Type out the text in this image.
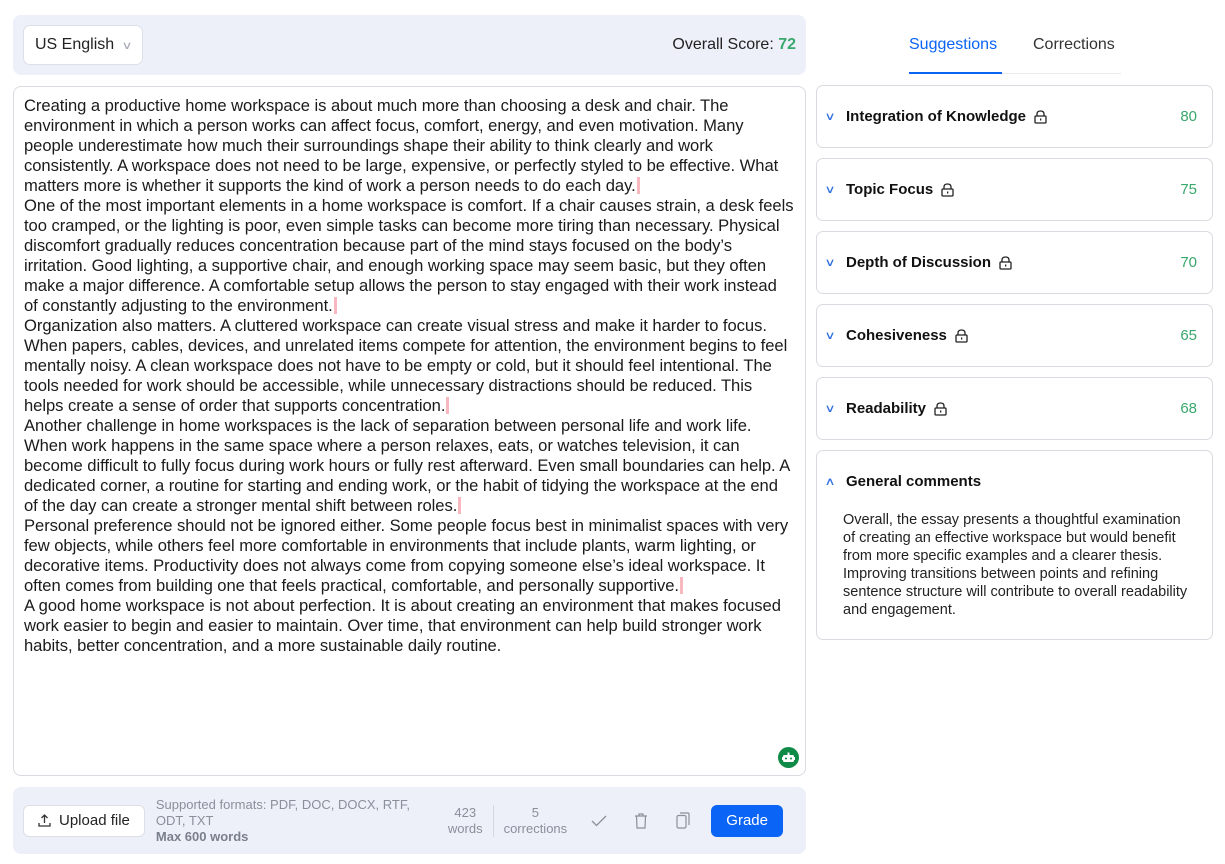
US English ∨	Overall Score: 72

Creating a productive home workspace is about much more than choosing a desk and chair. The environment in which a person works can affect focus, comfort, energy, and even motivation. Many people underestimate how much their surroundings shape their ability to think clearly and work consistently. A workspace does not need to be large, expensive, or perfectly styled to be effective. What matters more is whether it supports the kind of work a person needs to do each day.

One of the most important elements in a home workspace is comfort. If a chair causes strain, a desk feels too cramped, or the lighting is poor, even simple tasks can become more tiring than necessary. Physical discomfort gradually reduces concentration because part of the mind stays focused on the body’s irritation. Good lighting, a supportive chair, and enough working space may seem basic, but they often make a major difference. A comfortable setup allows the person to stay engaged with their work instead of constantly adjusting to the environment.

Organization also matters. A cluttered workspace can create visual stress and make it harder to focus. When papers, cables, devices, and unrelated items compete for attention, the environment begins to feel mentally noisy. A clean workspace does not have to be empty or cold, but it should feel intentional. The tools needed for work should be accessible, while unnecessary distractions should be reduced. This helps create a sense of order that supports concentration.

Another challenge in home workspaces is the lack of separation between personal life and work life. When work happens in the same space where a person relaxes, eats, or watches television, it can become difficult to fully focus during work hours or fully rest afterward. Even small boundaries can help. A dedicated corner, a routine for starting and ending work, or the habit of tidying the workspace at the end of the day can create a stronger mental shift between roles.

Personal preference should not be ignored either. Some people focus best in minimalist spaces with very few objects, while others feel more comfortable in environments that include plants, warm lighting, or decorative items. Productivity does not always come from copying someone else’s ideal workspace. It often comes from building one that feels practical, comfortable, and personally supportive.

A good home workspace is not about perfection. It is about creating an environment that makes focused work easier to begin and easier to maintain. Over time, that environment can help build stronger work habits, better concentration, and a more sustainable daily routine.

Upload file
Supported formats: PDF, DOC, DOCX, RTF, ODT, TXT
Max 600 words
423
words
5
corrections	Grade
Suggestions	Corrections
∨ Integration of Knowledge	80
∨ Topic Focus	75
∨ Depth of Discussion	70
∨ Cohesiveness	65
∨ Readability	68
∧ General comments
Overall, the essay presents a thoughtful examination of creating an effective workspace but would benefit from more specific examples and a clearer thesis. Improving transitions between points and refining sentence structure will contribute to overall readability and engagement.
